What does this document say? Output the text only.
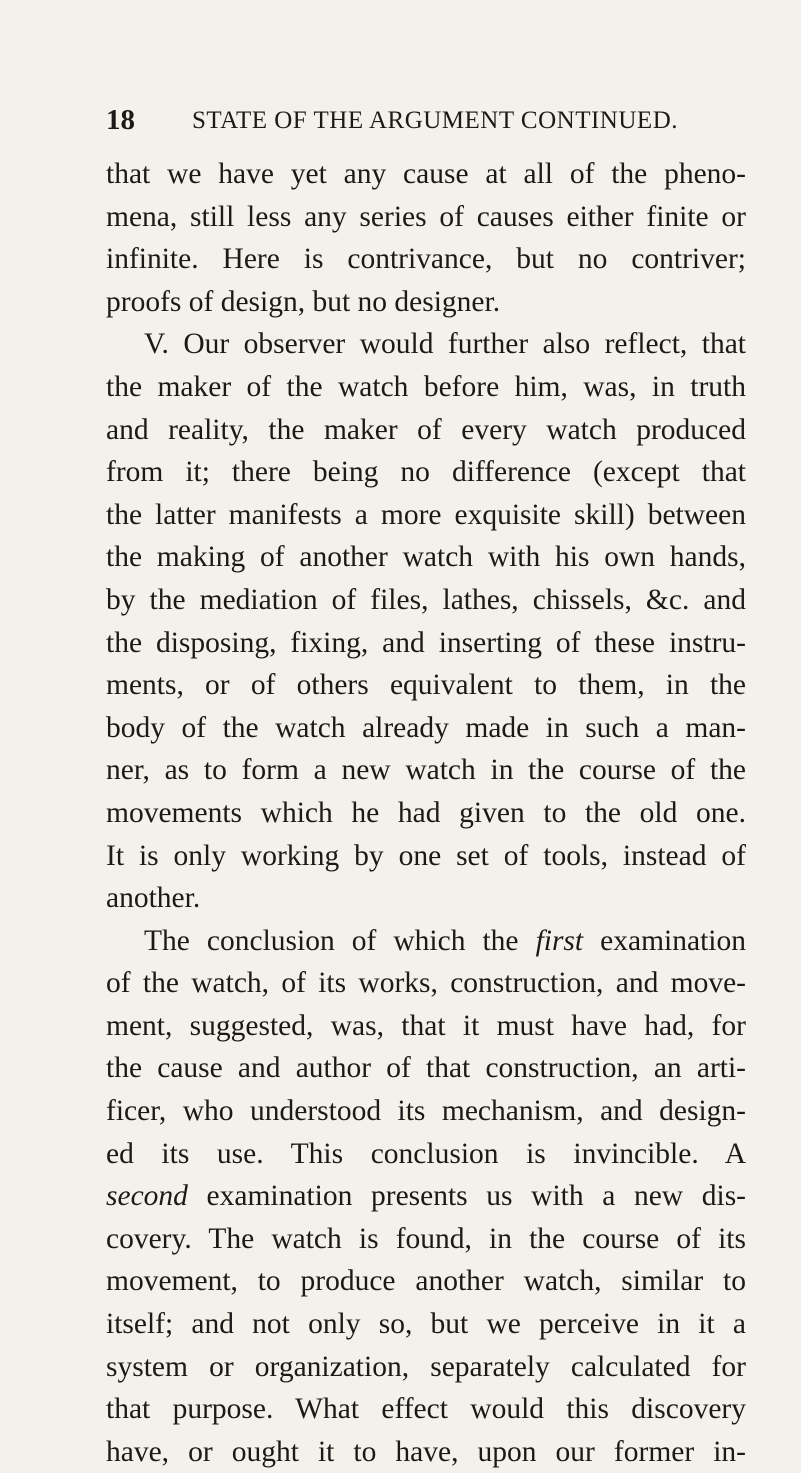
18 STATE OF THE ARGUMENT CONTINUED.
that we have yet any cause at all of the pheno-
mena, still less any series of causes either finite or
infinite. Here is contrivance, but no contriver;
proofs of design, but no designer.
V. Our observer would further also reflect, that
the maker of the watch before him, was, in truth
and reality, the maker of every watch produced
from it; there being no difference (except that
the latter manifests a more exquisite skill) between
the making of another watch with his own hands,
by the mediation of files, lathes, chissels, &c. and
the disposing, fixing, and inserting of these instru-
ments, or of others equivalent to them, in the
body of the watch already made in such a man-
ner, as to form a new watch in the course of the
movements which he had given to the old one.
It is only working by one set of tools, instead of
another.
The conclusion of which the first examination
of the watch, of its works, construction, and move-
ment, suggested, was, that it must have had, for
the cause and author of that construction, an arti-
ficer, who understood its mechanism, and design-
ed its use. This conclusion is invincible. A
second examination presents us with a new dis-
covery. The watch is found, in the course of its
movement, to produce another watch, similar to
itself; and not only so, but we perceive in it a
system or organization, separately calculated for
that purpose. What effect would this discovery
have, or ought it to have, upon our former in-
